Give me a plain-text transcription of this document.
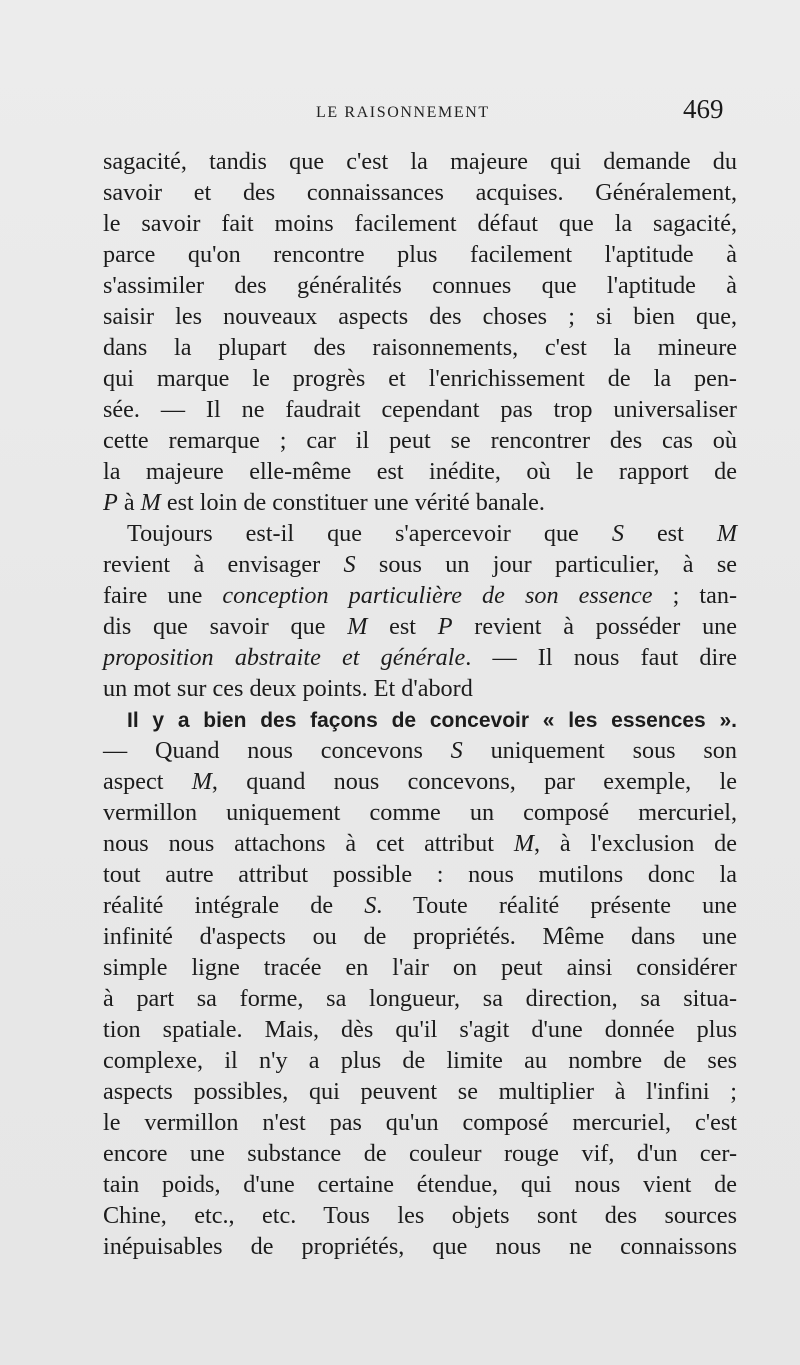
LE RAISONNEMENT	469
sagacité, tandis que c'est la majeure qui demande du
savoir et des connaissances acquises. Généralement,
le savoir fait moins facilement défaut que la sagacité,
parce qu'on rencontre plus facilement l'aptitude à
s'assimiler des généralités connues que l'aptitude à
saisir les nouveaux aspects des choses ; si bien que,
dans la plupart des raisonnements, c'est la mineure
qui marque le progrès et l'enrichissement de la pen-
sée. — Il ne faudrait cependant pas trop universaliser
cette remarque ; car il peut se rencontrer des cas où
la majeure elle-même est inédite, où le rapport de
P à M est loin de constituer une vérité banale.
Toujours est-il que s'apercevoir que S est M
revient à envisager S sous un jour particulier, à se
faire une conception particulière de son essence ; tan-
dis que savoir que M est P revient à posséder une
proposition abstraite et générale. — Il nous faut dire
un mot sur ces deux points. Et d'abord
Il y a bien des façons de concevoir « les essences ».
— Quand nous concevons S uniquement sous son
aspect M, quand nous concevons, par exemple, le
vermillon uniquement comme un composé mercuriel,
nous nous attachons à cet attribut M, à l'exclusion de
tout autre attribut possible : nous mutilons donc la
réalité intégrale de S. Toute réalité présente une
infinité d'aspects ou de propriétés. Même dans une
simple ligne tracée en l'air on peut ainsi considérer
à part sa forme, sa longueur, sa direction, sa situa-
tion spatiale. Mais, dès qu'il s'agit d'une donnée plus
complexe, il n'y a plus de limite au nombre de ses
aspects possibles, qui peuvent se multiplier à l'infini ;
le vermillon n'est pas qu'un composé mercuriel, c'est
encore une substance de couleur rouge vif, d'un cer-
tain poids, d'une certaine étendue, qui nous vient de
Chine, etc., etc. Tous les objets sont des sources
inépuisables de propriétés, que nous ne connaissons
